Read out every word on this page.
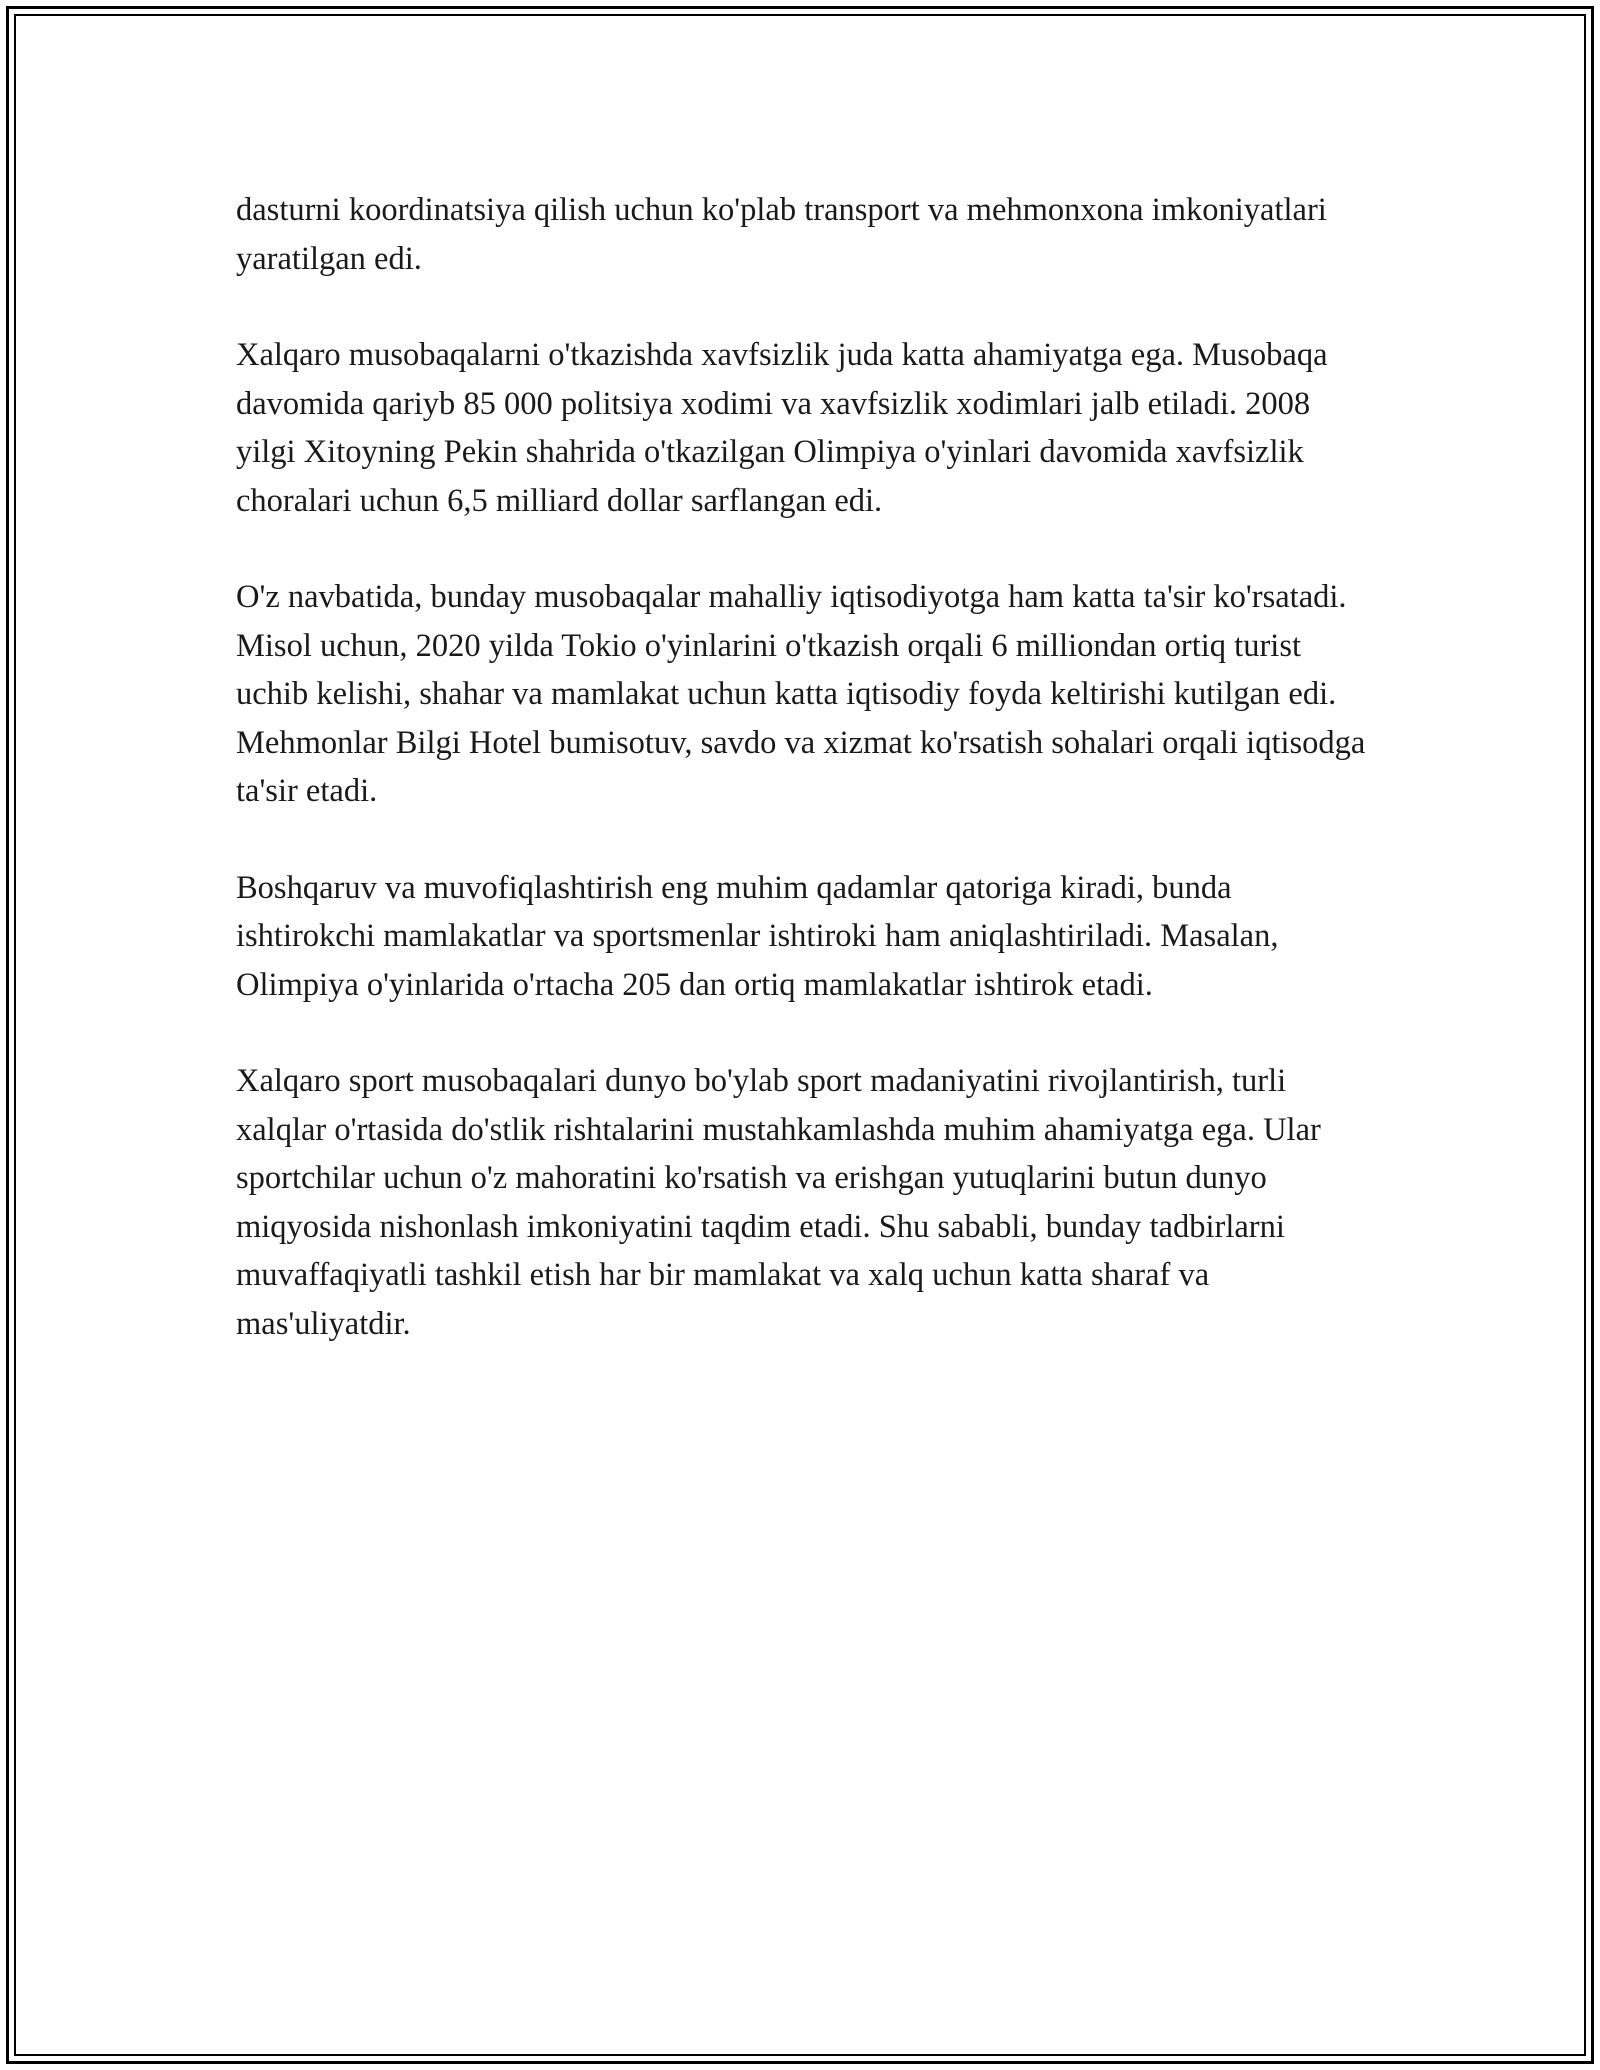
dasturni koordinatsiya qilish uchun ko'plab transport va mehmonxona imkoniyatlari yaratilgan edi.

Xalqaro musobaqalarni o'tkazishda xavfsizlik juda katta ahamiyatga ega. Musobaqa davomida qariyb 85 000 politsiya xodimi va xavfsizlik xodimlari jalb etiladi. 2008 yilgi Xitoyning Pekin shahrida o'tkazilgan Olimpiya o'yinlari davomida xavfsizlik choralari uchun 6,5 milliard dollar sarflangan edi.

O'z navbatida, bunday musobaqalar mahalliy iqtisodiyotga ham katta ta'sir ko'rsatadi. Misol uchun, 2020 yilda Tokio o'yinlarini o'tkazish orqali 6 milliondan ortiq turist uchib kelishi, shahar va mamlakat uchun katta iqtisodiy foyda keltirishi kutilgan edi. Mehmonlar Bilgi Hotel bumisotuv, savdo va xizmat ko'rsatish sohalari orqali iqtisodga ta'sir etadi.

Boshqaruv va muvofiqlashtirish eng muhim qadamlar qatoriga kiradi, bunda ishtirokchi mamlakatlar va sportsmenlar ishtiroki ham aniqlashtiriladi. Masalan, Olimpiya o'yinlarida o'rtacha 205 dan ortiq mamlakatlar ishtirok etadi.

Xalqaro sport musobaqalari dunyo bo'ylab sport madaniyatini rivojlantirish, turli xalqlar o'rtasida do'stlik rishtalarini mustahkamlashda muhim ahamiyatga ega. Ular sportchilar uchun o'z mahoratini ko'rsatish va erishgan yutuqlarini butun dunyo miqyosida nishonlash imkoniyatini taqdim etadi. Shu sababli, bunday tadbirlarni muvaffaqiyatli tashkil etish har bir mamlakat va xalq uchun katta sharaf va mas'uliyatdir.
